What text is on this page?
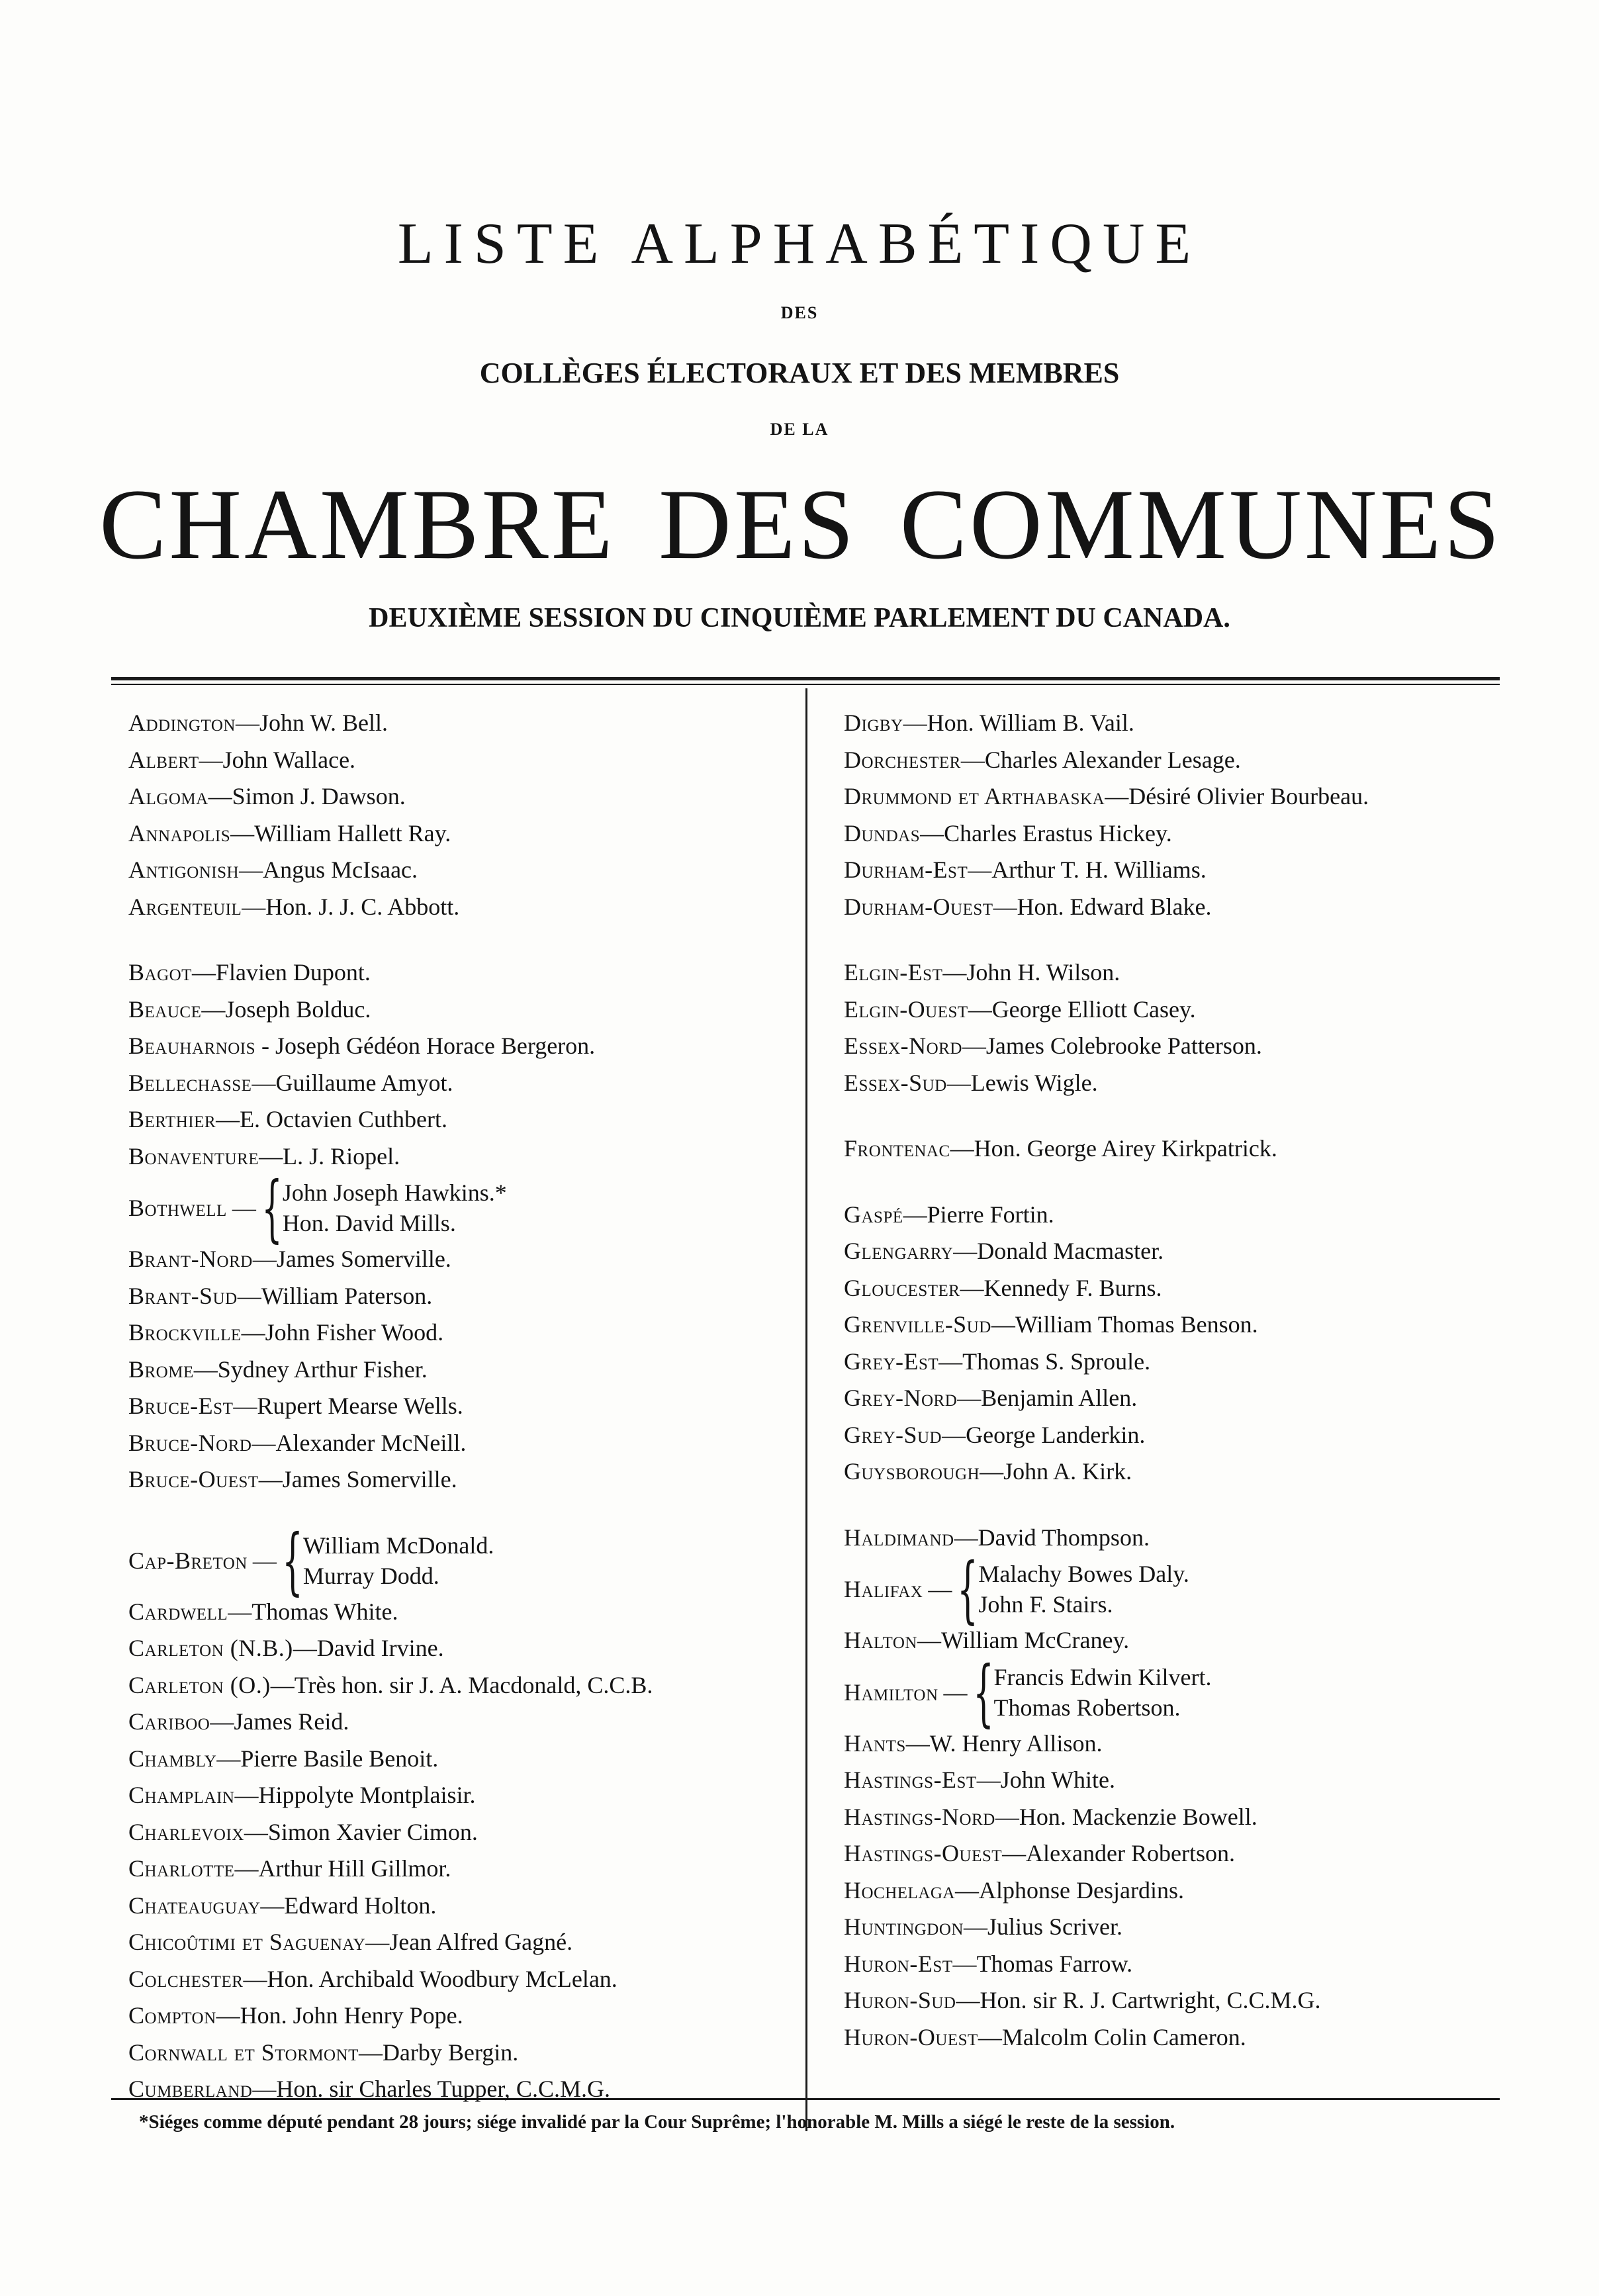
LISTE ALPHABÉTIQUE
DES
COLLÈGES ÉLECTORAUX ET DES MEMBRES
DE LA
CHAMBRE DES COMMUNES
DEUXIÈME SESSION DU CINQUIÈME PARLEMENT DU CANADA.
Addington—John W. Bell.
Albert—John Wallace.
Algoma—Simon J. Dawson.
Annapolis—William Hallett Ray.
Antigonish—Angus McIsaac.
Argenteuil—Hon. J. J. C. Abbott.
Bagot—Flavien Dupont.
Beauce—Joseph Bolduc.
Beauharnois - Joseph Gédéon Horace Bergeron.
Bellechasse—Guillaume Amyot.
Berthier—E. Octavien Cuthbert.
Bonaventure—L. J. Riopel.
Bothwell — { John Joseph Hawkins.*
Hon. David Mills.
Brant-Nord—James Somerville.
Brant-Sud—William Paterson.
Brockville—John Fisher Wood.
Brome—Sydney Arthur Fisher.
Bruce-Est—Rupert Mearse Wells.
Bruce-Nord—Alexander McNeill.
Bruce-Ouest—James Somerville.
Cap-Breton — { William McDonald.
Murray Dodd.
Cardwell—Thomas White.
Carleton (N.B.)—David Irvine.
Carleton (O.)—Très hon. sir J. A. Macdonald, C.C.B.
Cariboo—James Reid.
Chambly—Pierre Basile Benoit.
Champlain—Hippolyte Montplaisir.
Charlevoix—Simon Xavier Cimon.
Charlotte—Arthur Hill Gillmor.
Chateauguay—Edward Holton.
Chicoûtimi et Saguenay—Jean Alfred Gagné.
Colchester—Hon. Archibald Woodbury McLelan.
Compton—Hon. John Henry Pope.
Cornwall et Stormont—Darby Bergin.
Cumberland—Hon. sir Charles Tupper, C.C.M.G.
Digby—Hon. William B. Vail.
Dorchester—Charles Alexander Lesage.
Drummond et Arthabaska—Désiré Olivier Bourbeau.
Dundas—Charles Erastus Hickey.
Durham-Est—Arthur T. H. Williams.
Durham-Ouest—Hon. Edward Blake.
Elgin-Est—John H. Wilson.
Elgin-Ouest—George Elliott Casey.
Essex-Nord—James Colebrooke Patterson.
Essex-Sud—Lewis Wigle.
Frontenac—Hon. George Airey Kirkpatrick.
Gaspé—Pierre Fortin.
Glengarry—Donald Macmaster.
Gloucester—Kennedy F. Burns.
Grenville-Sud—William Thomas Benson.
Grey-Est—Thomas S. Sproule.
Grey-Nord—Benjamin Allen.
Grey-Sud—George Landerkin.
Guysborough—John A. Kirk.
Haldimand—David Thompson.
Halifax — { Malachy Bowes Daly.
John F. Stairs.
Halton—William McCraney.
Hamilton — { Francis Edwin Kilvert.
Thomas Robertson.
Hants—W. Henry Allison.
Hastings-Est—John White.
Hastings-Nord—Hon. Mackenzie Bowell.
Hastings-Ouest—Alexander Robertson.
Hochelaga—Alphonse Desjardins.
Huntingdon—Julius Scriver.
Huron-Est—Thomas Farrow.
Huron-Sud—Hon. sir R. J. Cartwright, C.C.M.G.
Huron-Ouest—Malcolm Colin Cameron.
*Siéges comme député pendant 28 jours; siége invalidé par la Cour Suprême; l'honorable M. Mills a siégé le reste de la session.
